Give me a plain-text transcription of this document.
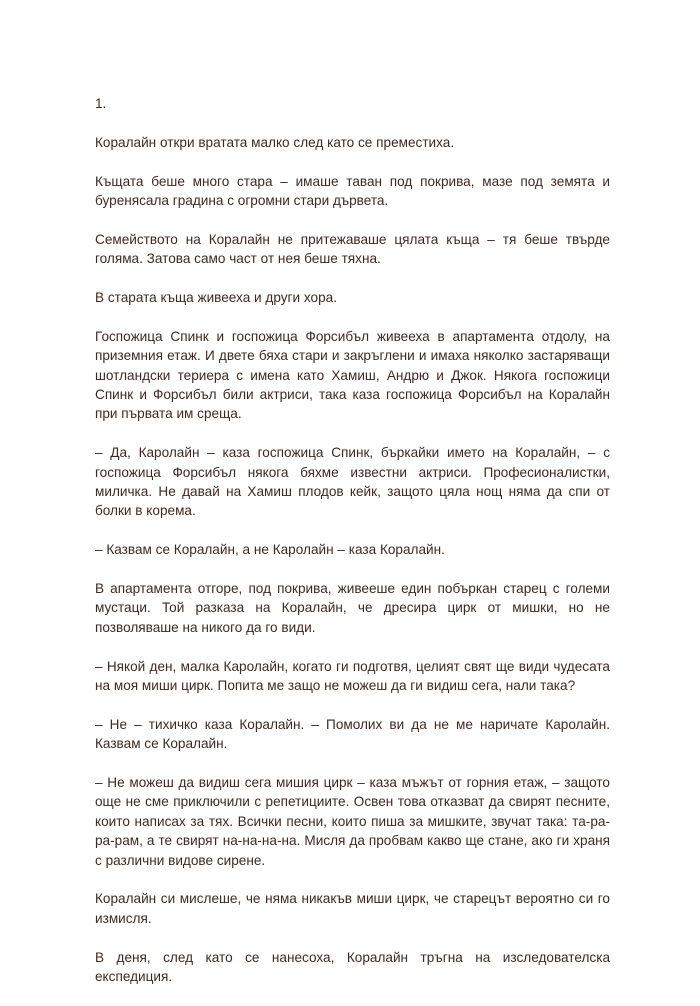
1.

Коралайн откри вратата малко след като се преместиха.

Къщата беше много стара – имаше таван под покрива, мазе под земята и буренясала градина с огромни стари дървета.

Семейството на Коралайн не притежаваше цялата къща – тя беше твърде голяма. Затова само част от нея беше тяхна.

В старата къща живееха и други хора.

Госпожица Спинк и госпожица Форсибъл живееха в апартамента отдолу, на приземния етаж. И двете бяха стари и закръглени и имаха няколко застаряващи шотландски териера с имена като Хамиш, Андрю и Джок. Някога госпожици Спинк и Форсибъл били актриси, така каза госпожица Форсибъл на Коралайн при първата им среща.

– Да, Каролайн – каза госпожица Спинк, бъркайки името на Коралайн, – с госпожица Форсибъл някога бяхме известни актриси. Професионалистки, миличка. Не давай на Хамиш плодов кейк, защото цяла нощ няма да спи от болки в корема.

– Казвам се Коралайн, а не Каролайн – каза Коралайн.

В апартамента отгоре, под покрива, живееше един побъркан старец с големи мустаци. Той разказа на Коралайн, че дресира цирк от мишки, но не позволяваше на никого да го види.

– Някой ден, малка Каролайн, когато ги подготвя, целият свят ще види чудесата на моя миши цирк. Попита ме защо не можеш да ги видиш сега, нали така?

– Не – тихичко каза Коралайн. – Помолих ви да не ме наричате Каролайн. Казвам се Коралайн.

– Не можеш да видиш сега мишия цирк – каза мъжът от горния етаж, – защото още не сме приключили с репетициите. Освен това отказват да свирят песните, които написах за тях. Всички песни, които пиша за мишките, звучат така: та-ра-ра-рам, а те свирят на-на-на-на. Мисля да пробвам какво ще стане, ако ги храня с различни видове сирене.

Коралайн си мислеше, че няма никакъв миши цирк, че старецът вероятно си го измисля.

В деня, след като се нанесоха, Коралайн тръгна на изследователска експедиция.
